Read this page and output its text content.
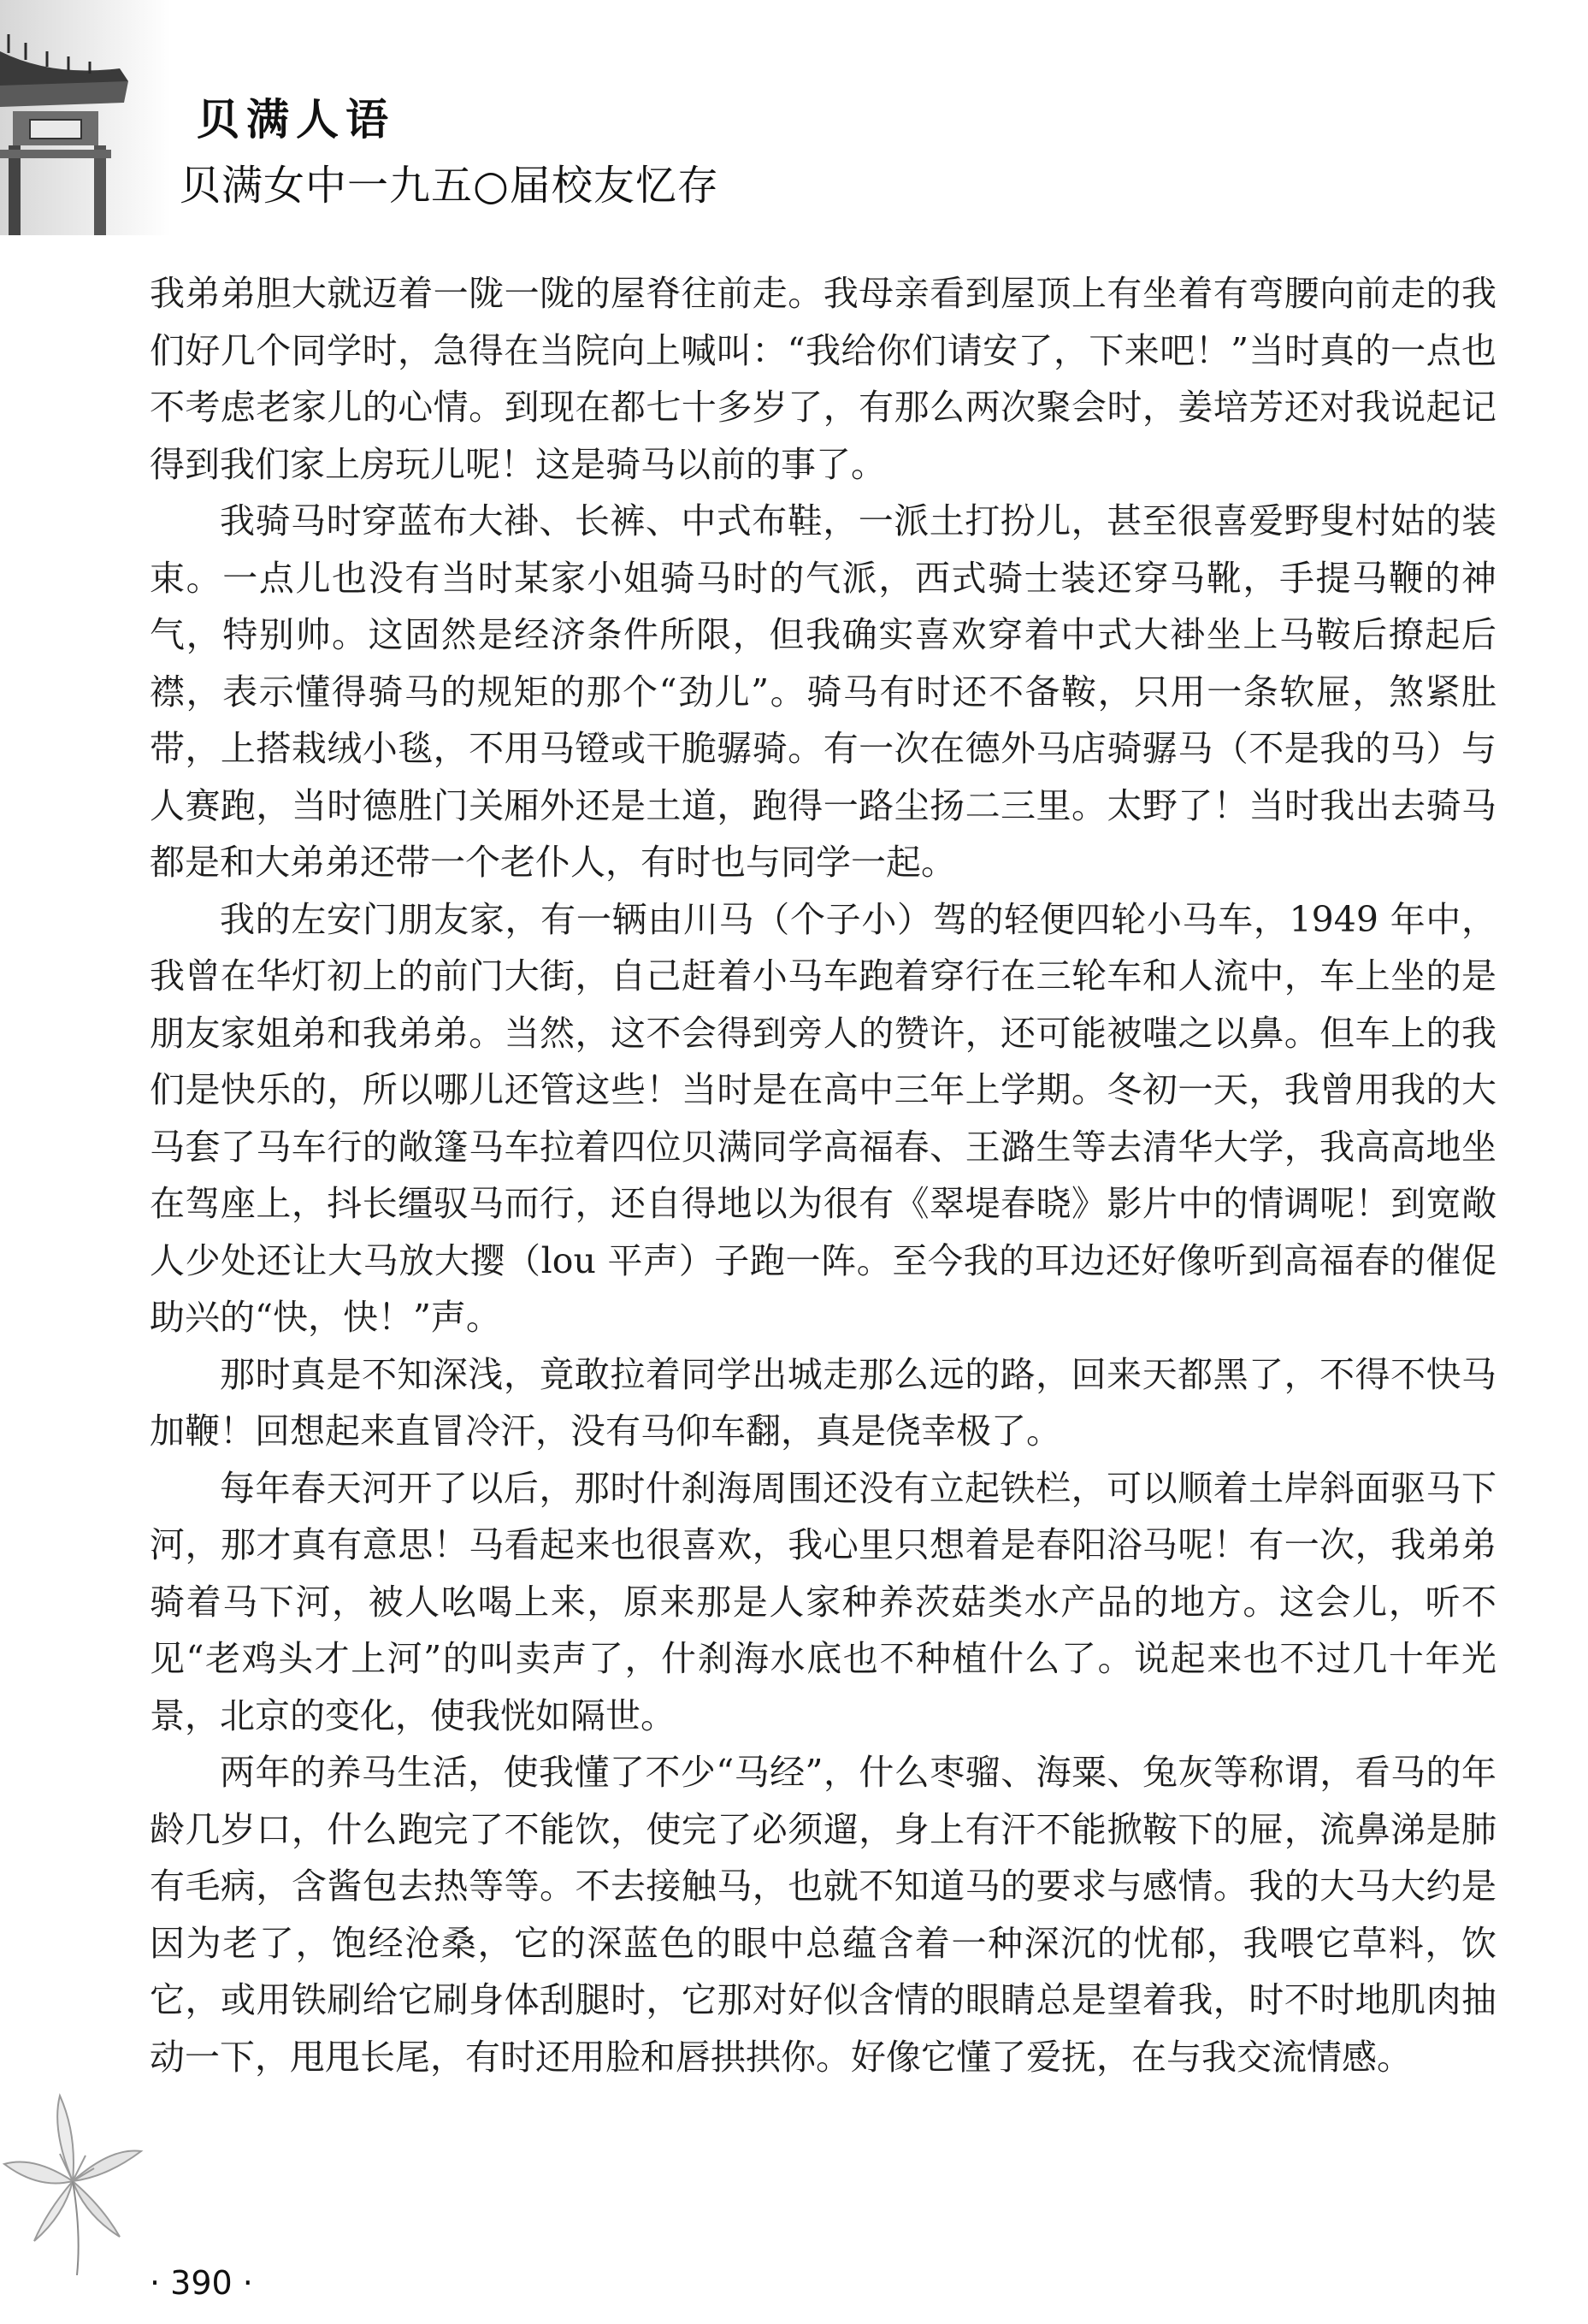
贝满人语
贝满女中一九五○届校友忆存

我弟弟胆大就迈着一陇一陇的屋脊往前走。我母亲看到屋顶上有坐着有弯腰向前走的我们好几个同学时，急得在当院向上喊叫：“我给你们请安了，下来吧！”当时真的一点也不考虑老家儿的心情。到现在都七十多岁了，有那么两次聚会时，姜培芳还对我说起记得到我们家上房玩儿呢！这是骑马以前的事了。

我骑马时穿蓝布大褂、长裤、中式布鞋，一派土打扮儿，甚至很喜爱野叟村姑的装束。一点儿也没有当时某家小姐骑马时的气派，西式骑士装还穿马靴，手提马鞭的神气，特别帅。这固然是经济条件所限，但我确实喜欢穿着中式大褂坐上马鞍后撩起后襟，表示懂得骑马的规矩的那个“劲儿”。骑马有时还不备鞍，只用一条软屉，煞紧肚带，上搭栽绒小毯，不用马镫或干脆骣骑。有一次在德外马店骑骣马（不是我的马）与人赛跑，当时德胜门关厢外还是土道，跑得一路尘扬二三里。太野了！当时我出去骑马都是和大弟弟还带一个老仆人，有时也与同学一起。

我的左安门朋友家，有一辆由川马（个子小）驾的轻便四轮小马车，1949 年中，我曾在华灯初上的前门大街，自己赶着小马车跑着穿行在三轮车和人流中，车上坐的是朋友家姐弟和我弟弟。当然，这不会得到旁人的赞许，还可能被嗤之以鼻。但车上的我们是快乐的，所以哪儿还管这些！当时是在高中三年上学期。冬初一天，我曾用我的大马套了马车行的敞篷马车拉着四位贝满同学高福春、王潞生等去清华大学，我高高地坐在驾座上，抖长缰驭马而行，还自得地以为很有《翠堤春晓》影片中的情调呢！到宽敞人少处还让大马放大撄（lou 平声）子跑一阵。至今我的耳边还好像听到高福春的催促助兴的“快，快！”声。

那时真是不知深浅，竟敢拉着同学出城走那么远的路，回来天都黑了，不得不快马加鞭！回想起来直冒冷汗，没有马仰车翻，真是侥幸极了。

每年春天河开了以后，那时什刹海周围还没有立起铁栏，可以顺着土岸斜面驱马下河，那才真有意思！马看起来也很喜欢，我心里只想着是春阳浴马呢！有一次，我弟弟骑着马下河，被人吆喝上来，原来那是人家种养茨菇类水产品的地方。这会儿，听不见“老鸡头才上河”的叫卖声了，什刹海水底也不种植什么了。说起来也不过几十年光景，北京的变化，使我恍如隔世。

两年的养马生活，使我懂了不少“马经”，什么枣骝、海粟、兔灰等称谓，看马的年龄几岁口，什么跑完了不能饮，使完了必须遛，身上有汗不能掀鞍下的屉，流鼻涕是肺有毛病，含酱包去热等等。不去接触马，也就不知道马的要求与感情。我的大马大约是因为老了，饱经沧桑，它的深蓝色的眼中总蕴含着一种深沉的忧郁，我喂它草料，饮它，或用铁刷给它刷身体刮腿时，它那对好似含情的眼睛总是望着我，时不时地肌肉抽动一下，甩甩长尾，有时还用脸和唇拱拱你。好像它懂了爱抚，在与我交流情感。

· 390 ·
